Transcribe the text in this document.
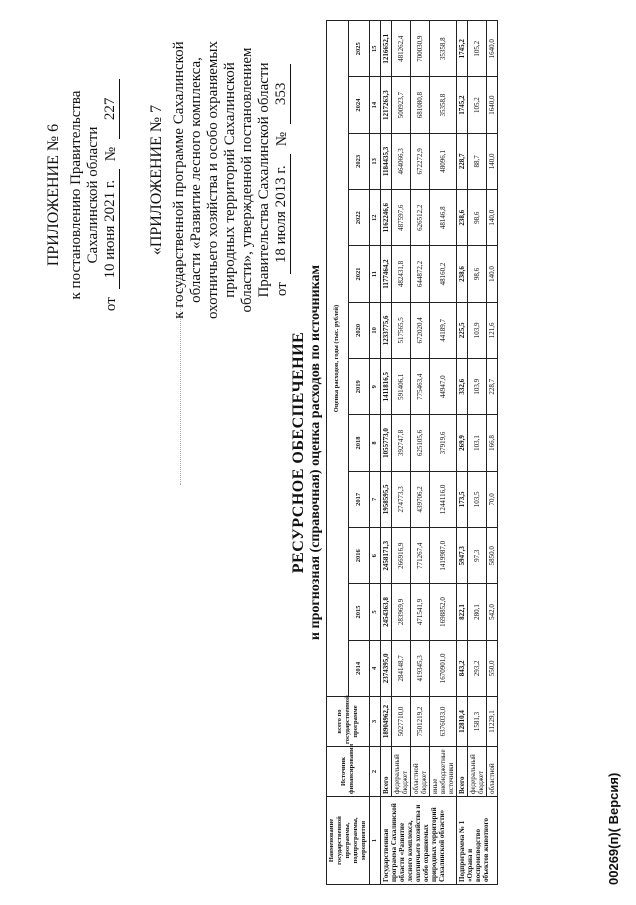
ПРИЛОЖЕНИЕ № 6 к постановлению Правительства Сахалинской области
от
10 июня 2021 г.
№
227 «ПРИЛОЖЕНИЕ № 7 к государственной программе Сахалинской области «Развитие лесного комплекса, охотничьего хозяйства и особо охраняемых природных территорий Сахалинской области», утвержденной постановлением Правительства Сахалинской области от
18 июля 2013 г.
№
353
РЕСУРСНОЕ ОБЕСПЕЧЕНИЕ и прогнозная (справочная) оценка расходов по источникам
Наименование государственной программы, подпрограммы, мероприятия	Источник финансирования	всего по государственной программе	Оценка расходов, годы (тыс. рублей)											
			2014	2015	2016	2017	2018	2019	2020	2021	2022	2023	2024	2025
1	2	3	4	5	6	7	8	9	10	11	12	13	14	15
Государственная программа Сахалинской области «Развитие лесного комплекса, охотничьего хозяйства и особо охраняемых природных территорий Сахалинской области»	Всего	18904962,2	2374395,0	2454363,8	2458171,3	1958595,5	1055773,0	1411816,5	1233775,6	1177464,2	1162246,6	1184435,3	1217263,3	1216652,1
	федеральный бюджет	5027710,0	284148,7	283969,9	266916,9	274773,3	392747,8	591406,1	517565,5	482431,8	487597,6	464066,3	500923,7	481262,4
	областной бюджет	7501219,2	419345,3	471541,9	771267,4	439706,2	625105,6	775463,4	672020,4	644872,2	626512,2	672272,9	681080,8	700030,9
	иные внебюджетные источники	6376033,0	1670901,0	1698852,0	1419987,0	1244116,0	37919,6	44947,0	44189,7	48160,2	48146,8	48096,1	35358,8	35358,8
Подпрограмма № 1 «Охрана и воспроизводство объектов животного	Всего	12810,4	843,2	822,1	5947,3	173,5	269,9	332,6	225,5	238,6	238,6	228,7	1745,2	1745,2
	федеральный бюджет	1581,3	293,2	280,1	97,3	103,5	103,1	103,9	103,9	98,6	98,6	88,7	105,2	105,2
	областной	11229,1	550,0	542,0	5850,0	70,0	166,8	228,7	121,6	140,0	140,0	140,0	1640,0	1640,0
00269(п)( Версия)
